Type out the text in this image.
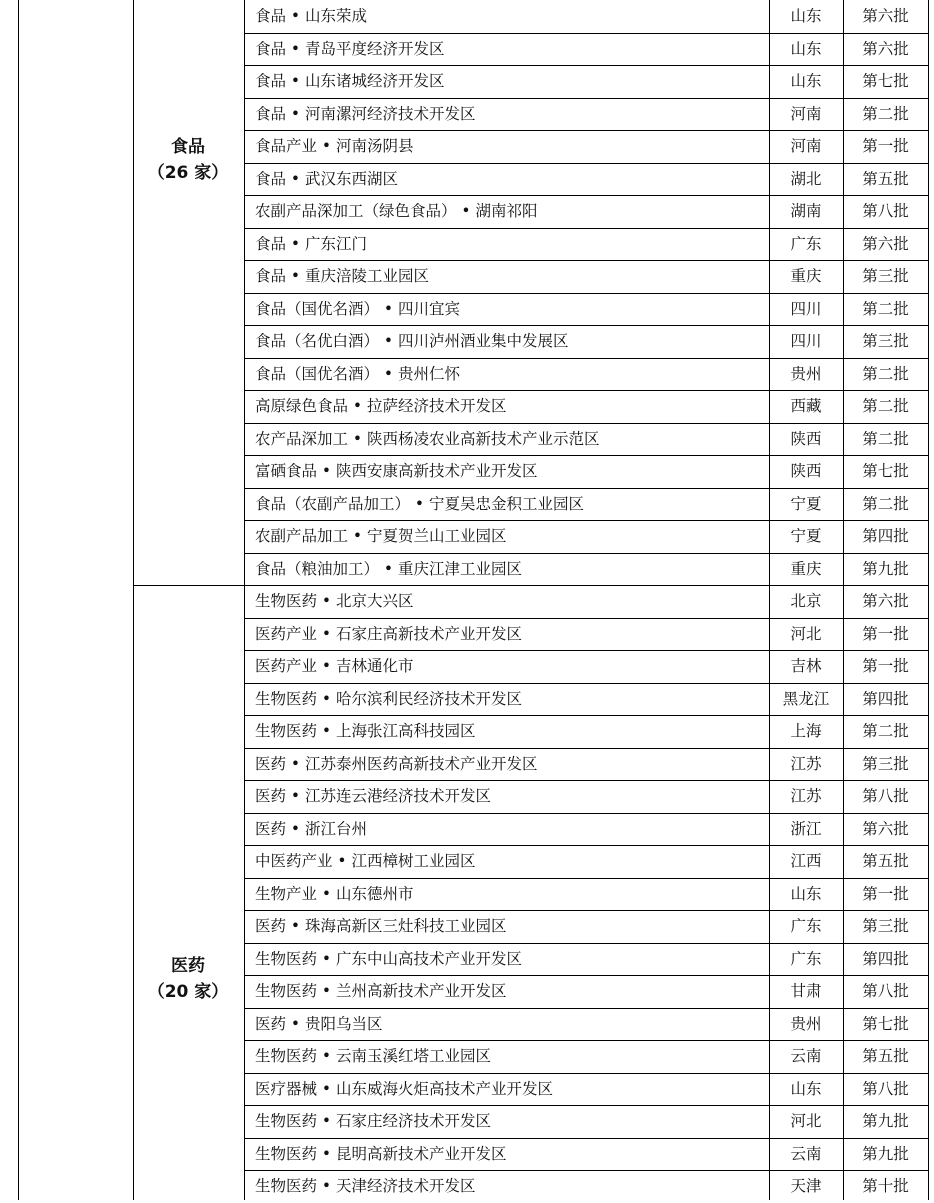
食品 • 山东荣成	山东	第六批
食品 • 青岛平度经济开发区	山东	第六批
食品 • 山东诸城经济开发区	山东	第七批
食品 • 河南漯河经济技术开发区	河南	第二批
食品产业 • 河南汤阴县	河南	第一批
食品 • 武汉东西湖区	湖北	第五批
农副产品深加工（绿色食品） • 湖南祁阳	湖南	第八批
食品 • 广东江门	广东	第六批
食品 • 重庆涪陵工业园区	重庆	第三批
食品（国优名酒） • 四川宜宾	四川	第二批
食品（名优白酒） • 四川泸州酒业集中发展区	四川	第三批
食品（国优名酒） • 贵州仁怀	贵州	第二批
高原绿色食品 • 拉萨经济技术开发区	西藏	第二批
农产品深加工 • 陕西杨凌农业高新技术产业示范区	陕西	第二批
富硒食品 • 陕西安康高新技术产业开发区	陕西	第七批
食品（农副产品加工） • 宁夏吴忠金积工业园区	宁夏	第二批
农副产品加工 • 宁夏贺兰山工业园区	宁夏	第四批
食品（粮油加工） • 重庆江津工业园区	重庆	第九批
食品
（26 家）
生物医药 • 北京大兴区	北京	第六批
医药产业 • 石家庄高新技术产业开发区	河北	第一批
医药产业 • 吉林通化市	吉林	第一批
生物医药 • 哈尔滨利民经济技术开发区	黑龙江	第四批
生物医药 • 上海张江高科技园区	上海	第二批
医药 • 江苏泰州医药高新技术产业开发区	江苏	第三批
医药 • 江苏连云港经济技术开发区	江苏	第八批
医药 • 浙江台州	浙江	第六批
中医药产业 • 江西樟树工业园区	江西	第五批
生物产业 • 山东德州市	山东	第一批
医药 • 珠海高新区三灶科技工业园区	广东	第三批
生物医药 • 广东中山高技术产业开发区	广东	第四批
生物医药 • 兰州高新技术产业开发区	甘肃	第八批
医药 • 贵阳乌当区	贵州	第七批
生物医药 • 云南玉溪红塔工业园区	云南	第五批
医疗器械 • 山东威海火炬高技术产业开发区	山东	第八批
生物医药 • 石家庄经济技术开发区	河北	第九批
生物医药 • 昆明高新技术产业开发区	云南	第九批
生物医药 • 天津经济技术开发区	天津	第十批
医药
（20 家）
